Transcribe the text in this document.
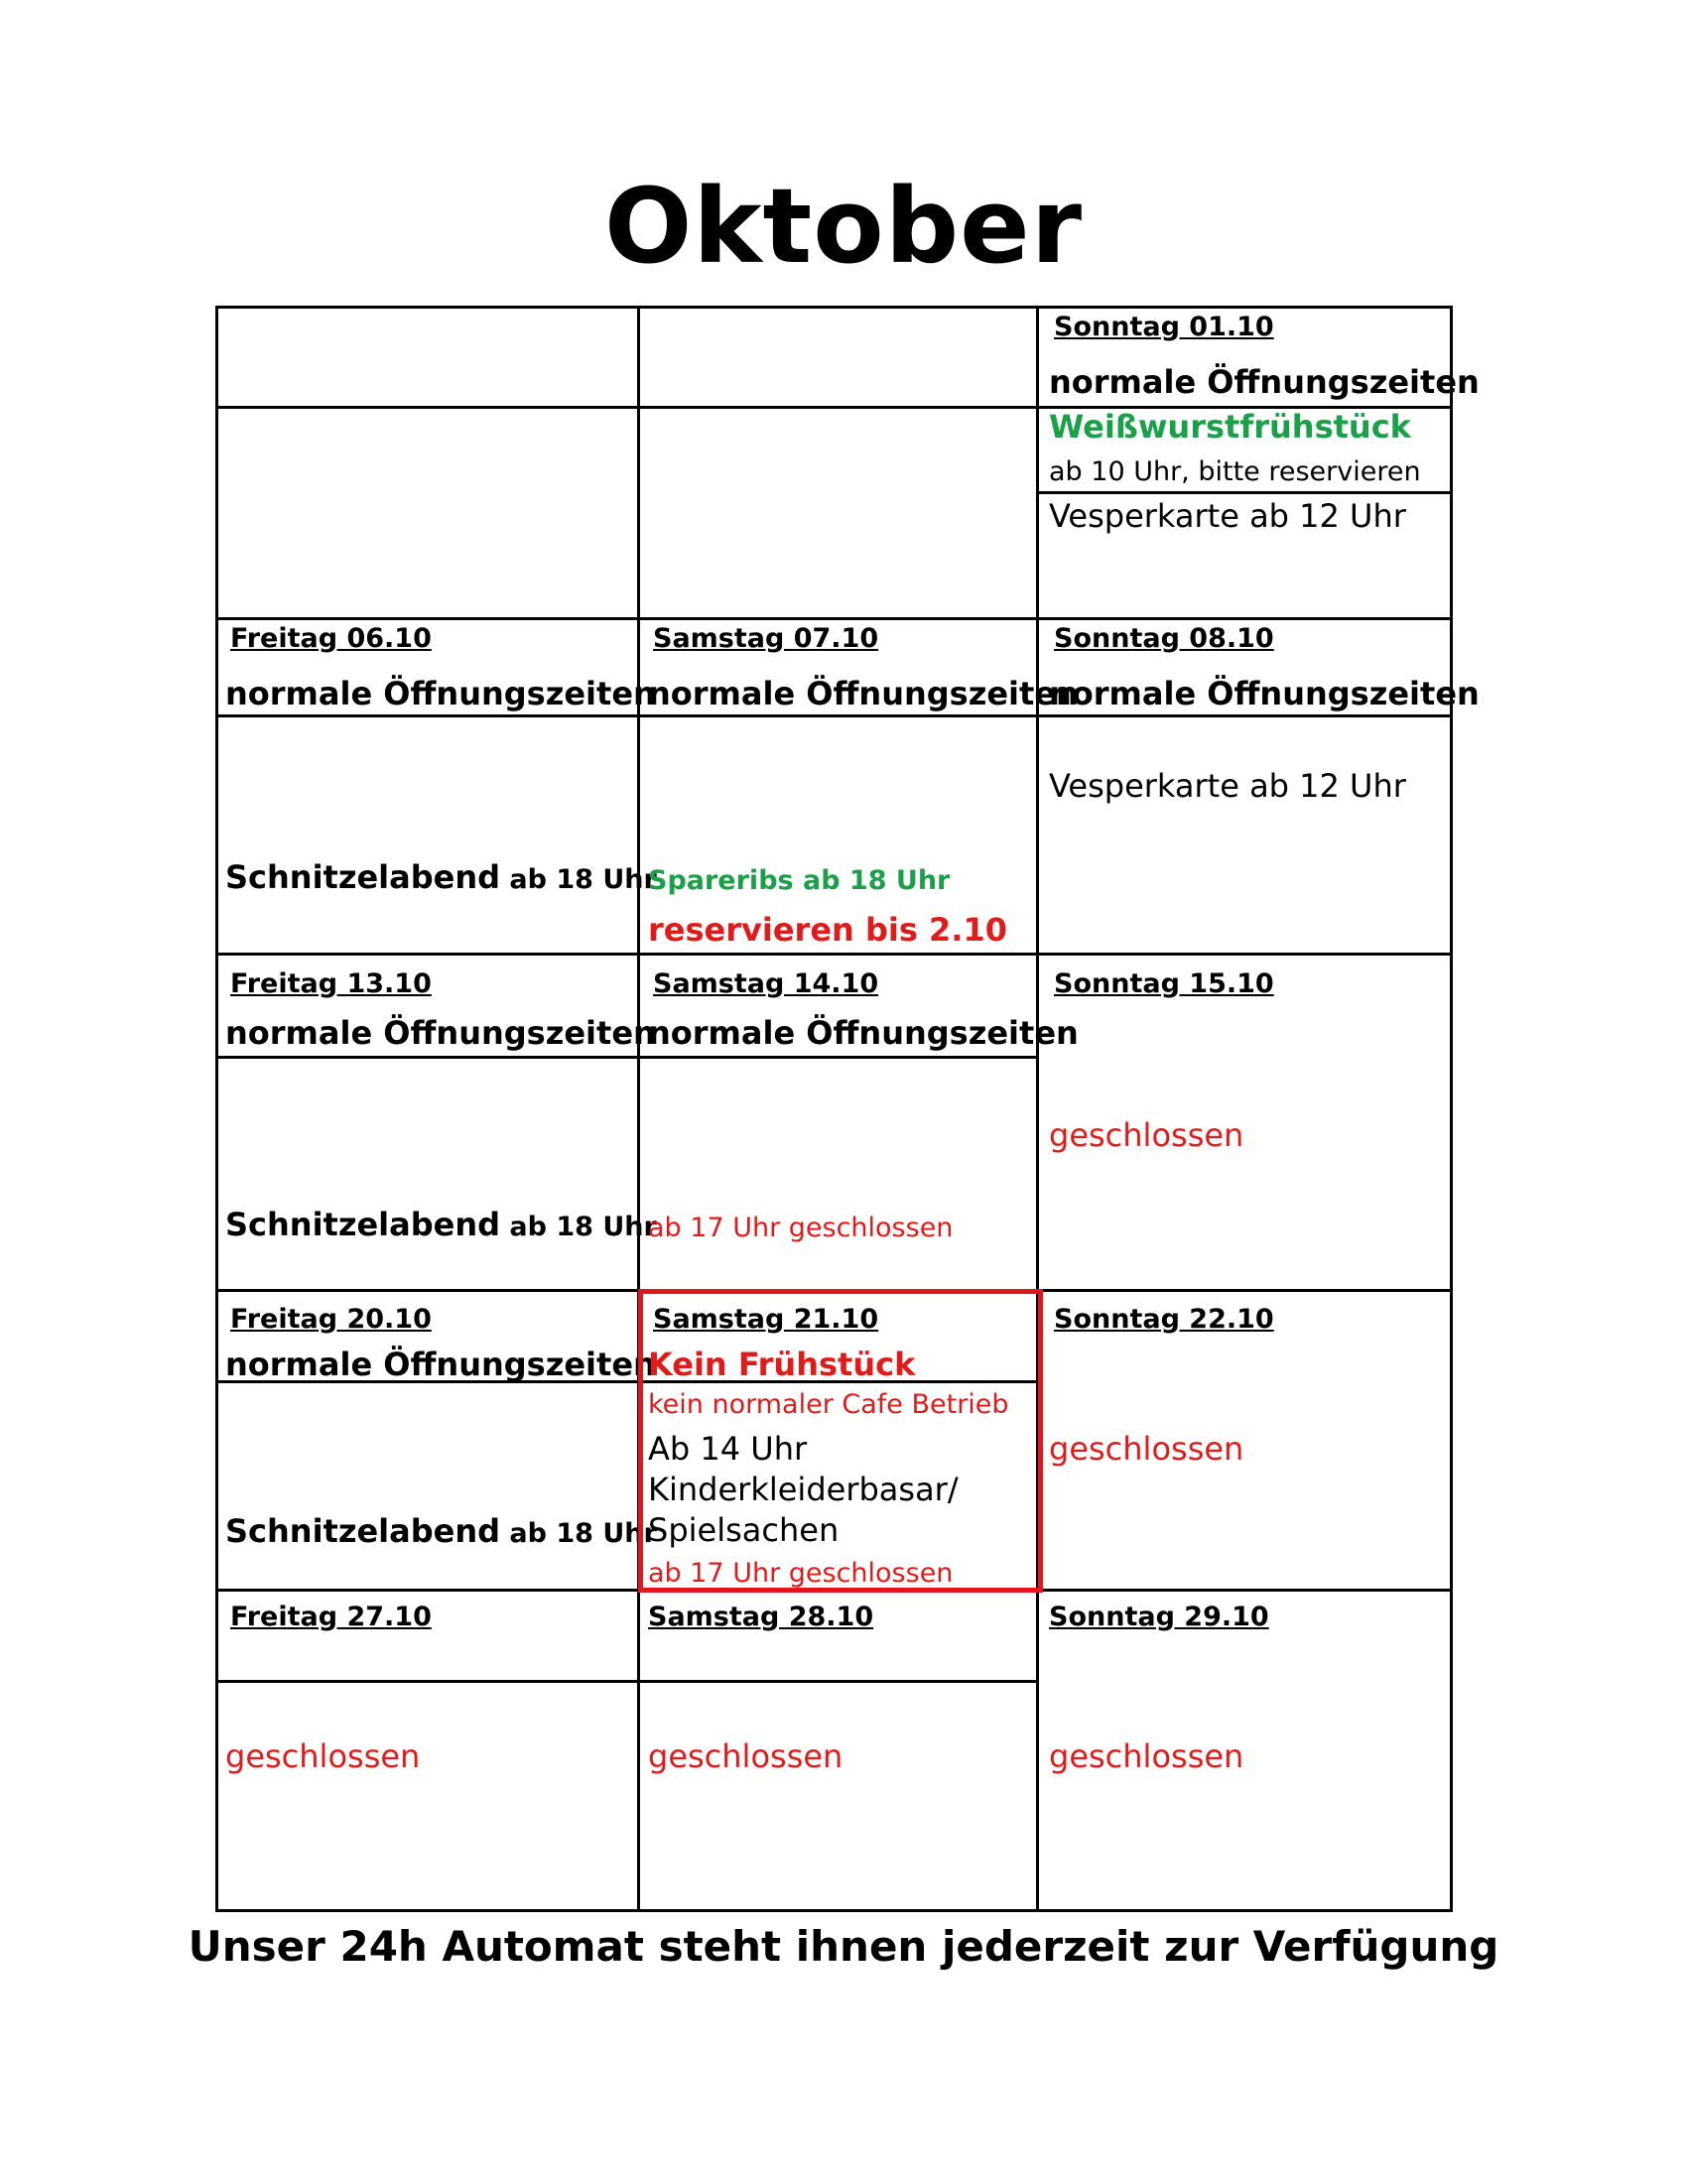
Oktober
Sonntag 01.10
normale Öffnungszeiten
Weißwurstfrühstück
ab 10 Uhr, bitte reservieren
Vesperkarte ab 12 Uhr
Freitag 06.10
normale Öffnungszeiten
Schnitzelabend ab 18 Uhr
Samstag 07.10
normale Öffnungszeiten
Spareribs ab 18 Uhr
reservieren bis 2.10
Sonntag 08.10
normale Öffnungszeiten
Vesperkarte ab 12 Uhr
Freitag 13.10
normale Öffnungszeiten
Schnitzelabend ab 18 Uhr
Samstag 14.10
normale Öffnungszeiten
ab 17 Uhr geschlossen
Sonntag 15.10
geschlossen
Freitag 20.10
normale Öffnungszeiten
Schnitzelabend ab 18 Uhr
Samstag 21.10
Kein Frühstück
kein normaler Cafe Betrieb
Ab 14 Uhr
Kinderkleiderbasar/
Spielsachen
ab 17 Uhr geschlossen
Sonntag 22.10
geschlossen
Freitag 27.10
geschlossen
Samstag 28.10
geschlossen
Sonntag 29.10
geschlossen
Unser 24h Automat steht ihnen jederzeit zur Verfügung
